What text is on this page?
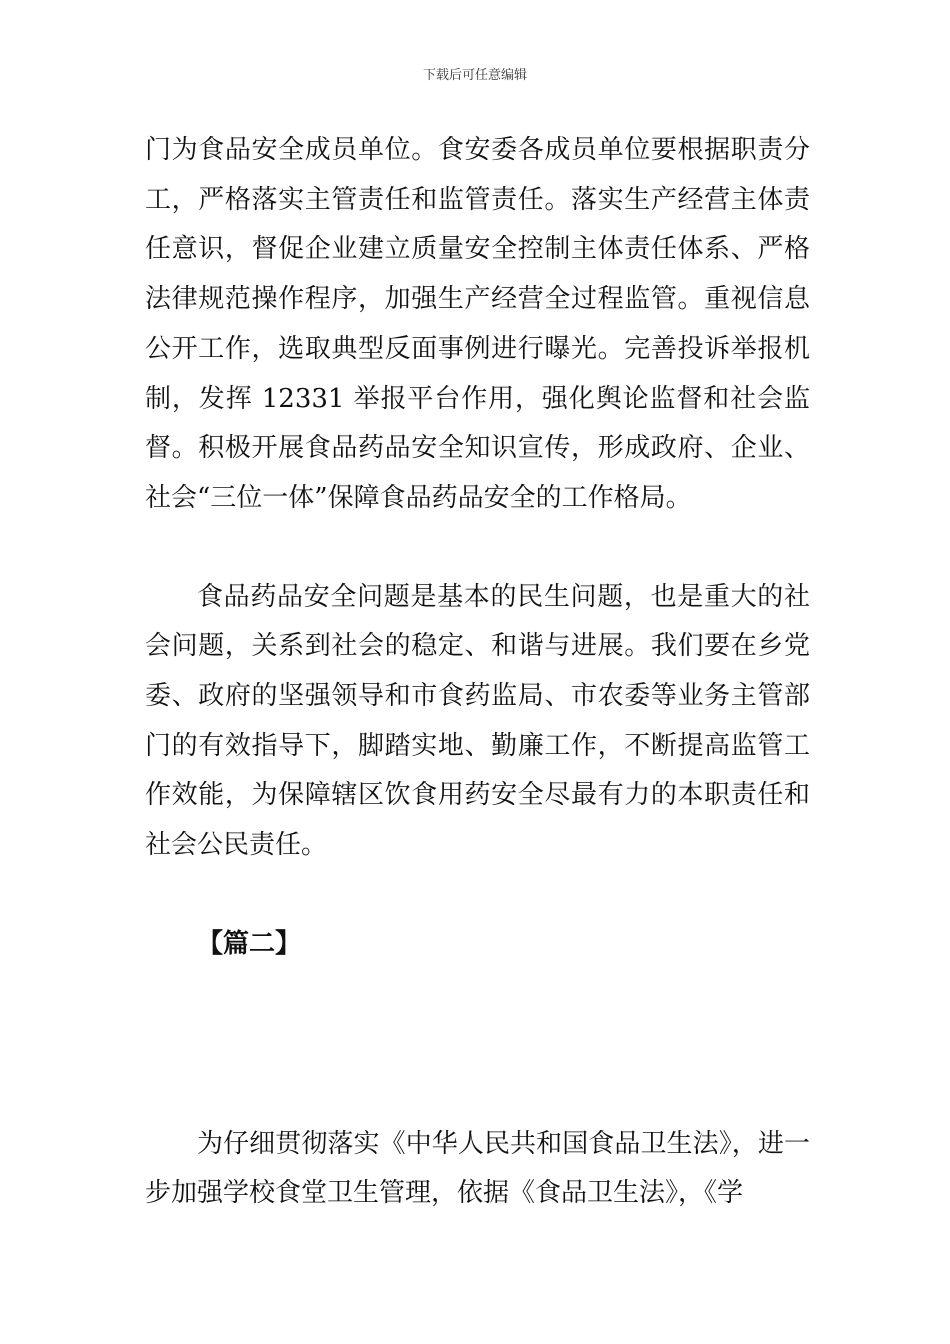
下载后可任意编辑

门为食品安全成员单位。食安委各成员单位要根据职责分工，严格落实主管责任和监管责任。落实生产经营主体责任意识，督促企业建立质量安全控制主体责任体系、严格法律规范操作程序，加强生产经营全过程监管。重视信息公开工作，选取典型反面事例进行曝光。完善投诉举报机制，发挥 12331 举报平台作用，强化舆论监督和社会监督。积极开展食品药品安全知识宣传，形成政府、企业、社会“三位一体”保障食品药品安全的工作格局。

食品药品安全问题是基本的民生问题，也是重大的社会问题，关系到社会的稳定、和谐与进展。我们要在乡党委、政府的坚强领导和市食药监局、市农委等业务主管部门的有效指导下，脚踏实地、勤廉工作，不断提高监管工作效能，为保障辖区饮食用药安全尽最有力的本职责任和社会公民责任。

【篇二】

为仔细贯彻落实《中华人民共和国食品卫生法》，进一步加强学校食堂卫生管理，依据《食品卫生法》，《学
